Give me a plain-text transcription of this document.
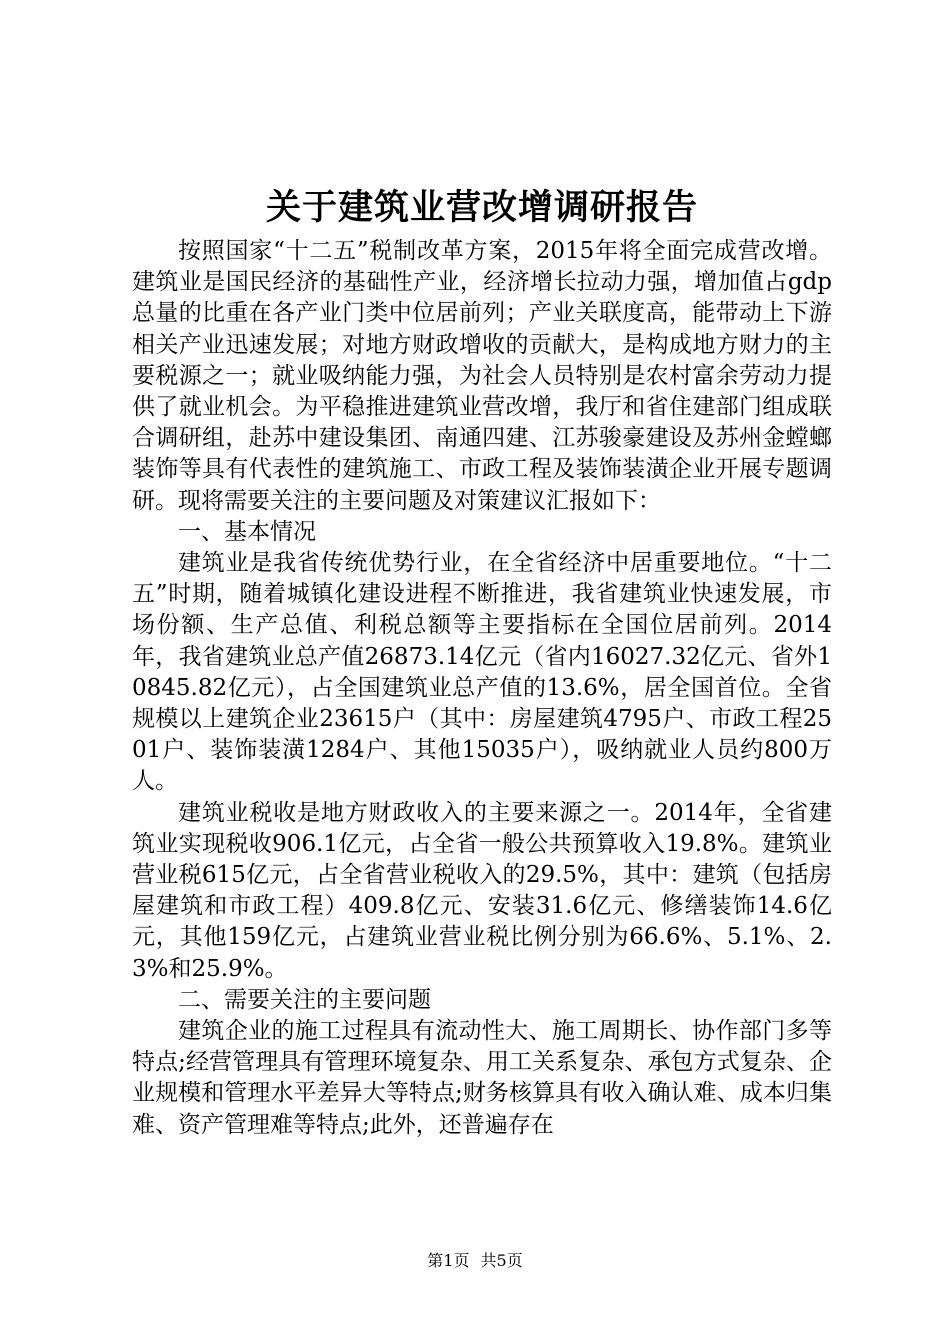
关于建筑业营改增调研报告

按照国家“十二五”税制改革方案，2015年将全面完成营改增。建筑业是国民经济的基础性产业，经济增长拉动力强，增加值占gdp总量的比重在各产业门类中位居前列；产业关联度高，能带动上下游相关产业迅速发展；对地方财政增收的贡献大，是构成地方财力的主要税源之一；就业吸纳能力强，为社会人员特别是农村富余劳动力提供了就业机会。为平稳推进建筑业营改增，我厅和省住建部门组成联合调研组，赴苏中建设集团、南通四建、江苏骏豪建设及苏州金螳螂装饰等具有代表性的建筑施工、市政工程及装饰装潢企业开展专题调研。现将需要关注的主要问题及对策建议汇报如下：

一、基本情况

建筑业是我省传统优势行业，在全省经济中居重要地位。“十二五”时期，随着城镇化建设进程不断推进，我省建筑业快速发展，市场份额、生产总值、利税总额等主要指标在全国位居前列。2014年，我省建筑业总产值26873.14亿元（省内16027.32亿元、省外10845.82亿元），占全国建筑业总产值的13.6%，居全国首位。全省规模以上建筑企业23615户（其中：房屋建筑4795户、市政工程2501户、装饰装潢1284户、其他15035户），吸纳就业人员约800万人。

建筑业税收是地方财政收入的主要来源之一。2014年，全省建筑业实现税收906.1亿元，占全省一般公共预算收入19.8%。建筑业营业税615亿元，占全省营业税收入的29.5%，其中：建筑（包括房屋建筑和市政工程）409.8亿元、安装31.6亿元、修缮装饰14.6亿元，其他159亿元，占建筑业营业税比例分别为66.6%、5.1%、2.3%和25.9%。

二、需要关注的主要问题

建筑企业的施工过程具有流动性大、施工周期长、协作部门多等特点;经营管理具有管理环境复杂、用工关系复杂、承包方式复杂、企业规模和管理水平差异大等特点;财务核算具有收入确认难、成本归集难、资产管理难等特点;此外，还普遍存在

第1页 共5页
